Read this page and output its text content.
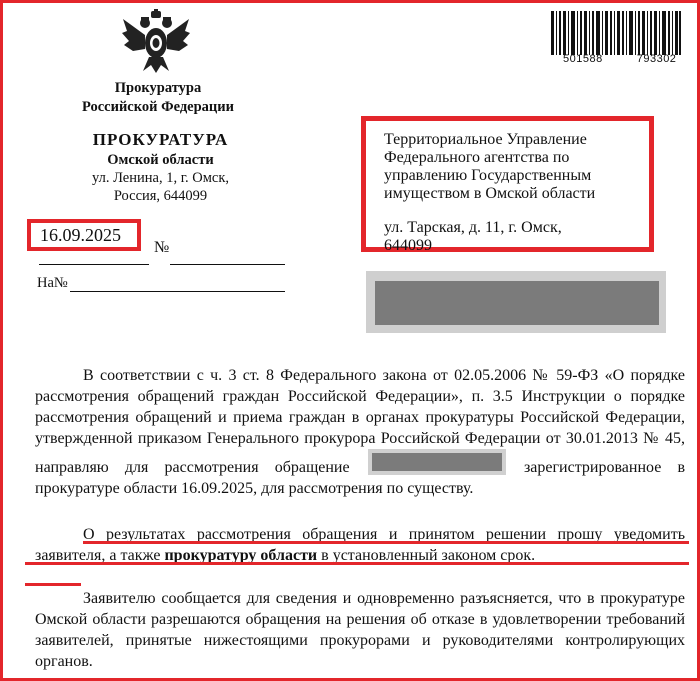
501588	793302
Прокуратура
Российской Федерации
ПРОКУРАТУРА
Омской области
ул. Ленина, 1, г. Омск,
Россия, 644099
16.09.2025
№
На№
Территориальное Управление
Федерального агентства по
управлению Государственным
имуществом в Омской области
ул. Тарская, д. 11, г. Омск,
644099
В соответствии с ч. 3 ст. 8 Федерального закона от 02.05.2006 № 59-ФЗ «О порядке рассмотрения обращений граждан Российской Федерации», п. 3.5 Инструкции о порядке рассмотрения обращений и приема граждан в органах прокуратуры Российской Федерации, утвержденной приказом Генерального прокурора Российской Федерации от 30.01.2013 № 45, направляю для рассмотрения обращение	зарегистрированное в прокуратуре области 16.09.2025, для рассмотрения по существу.
О результатах рассмотрения обращения и принятом решении прошу уведомить заявителя, а также прокуратуру области в установленный законом срок.
Заявителю сообщается для сведения и одновременно разъясняется, что в прокуратуре Омской области разрешаются обращения на решения об отказе в удовлетворении требований заявителей, принятые нижестоящими прокурорами и руководителями контролирующих органов.
